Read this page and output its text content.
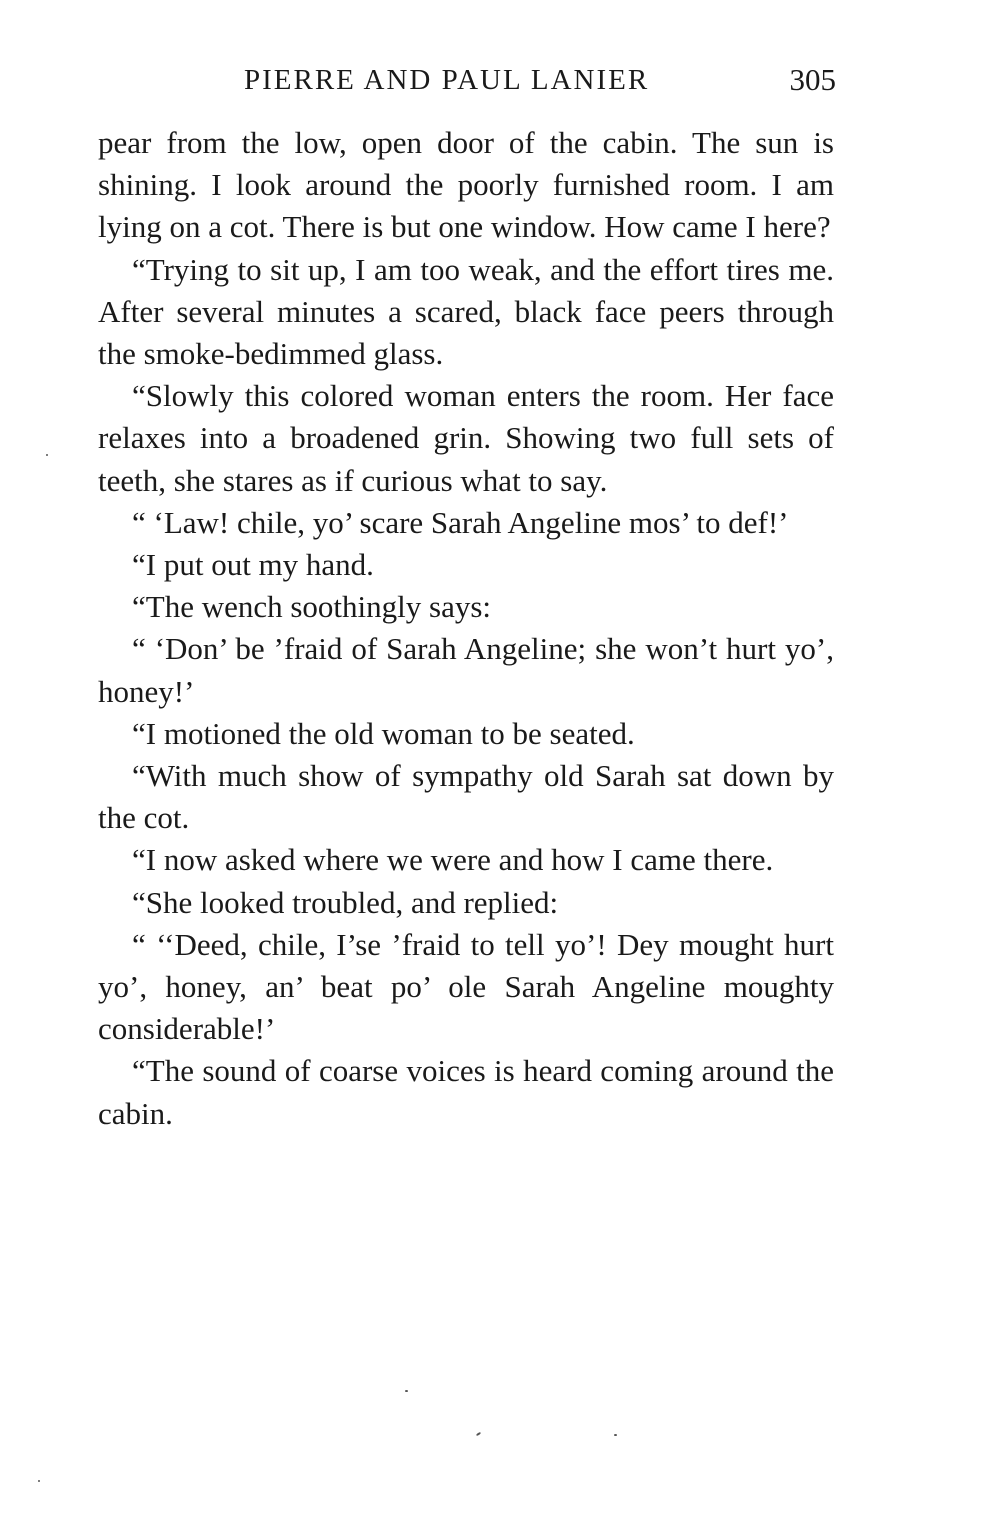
PIERRE AND PAUL LANIER	305

pear from the low, open door of the cabin. The sun is shining. I look around the poorly furnished room. I am lying on a cot. There is but one window. How came I here?

“Trying to sit up, I am too weak, and the effort tires me. After several minutes a scared, black face peers through the smoke-bedimmed glass.

“Slowly this colored woman enters the room. Her face relaxes into a broadened grin. Showing two full sets of teeth, she stares as if curious what to say.

“ ‘Law! chile, yo’ scare Sarah Angeline mos’ to def!’

“I put out my hand.

“The wench soothingly says:

“ ‘Don’ be ’fraid of Sarah Angeline; she won’t hurt yo’, honey!’

“I motioned the old woman to be seated.

“With much show of sympathy old Sarah sat down by the cot.

“I now asked where we were and how I came there.

“She looked troubled, and replied:

“ ‘‘Deed, chile, I’se ’fraid to tell yo’! Dey mought hurt yo’, honey, an’ beat po’ ole Sarah Angeline moughty considerable!’

“The sound of coarse voices is heard coming around the cabin.
